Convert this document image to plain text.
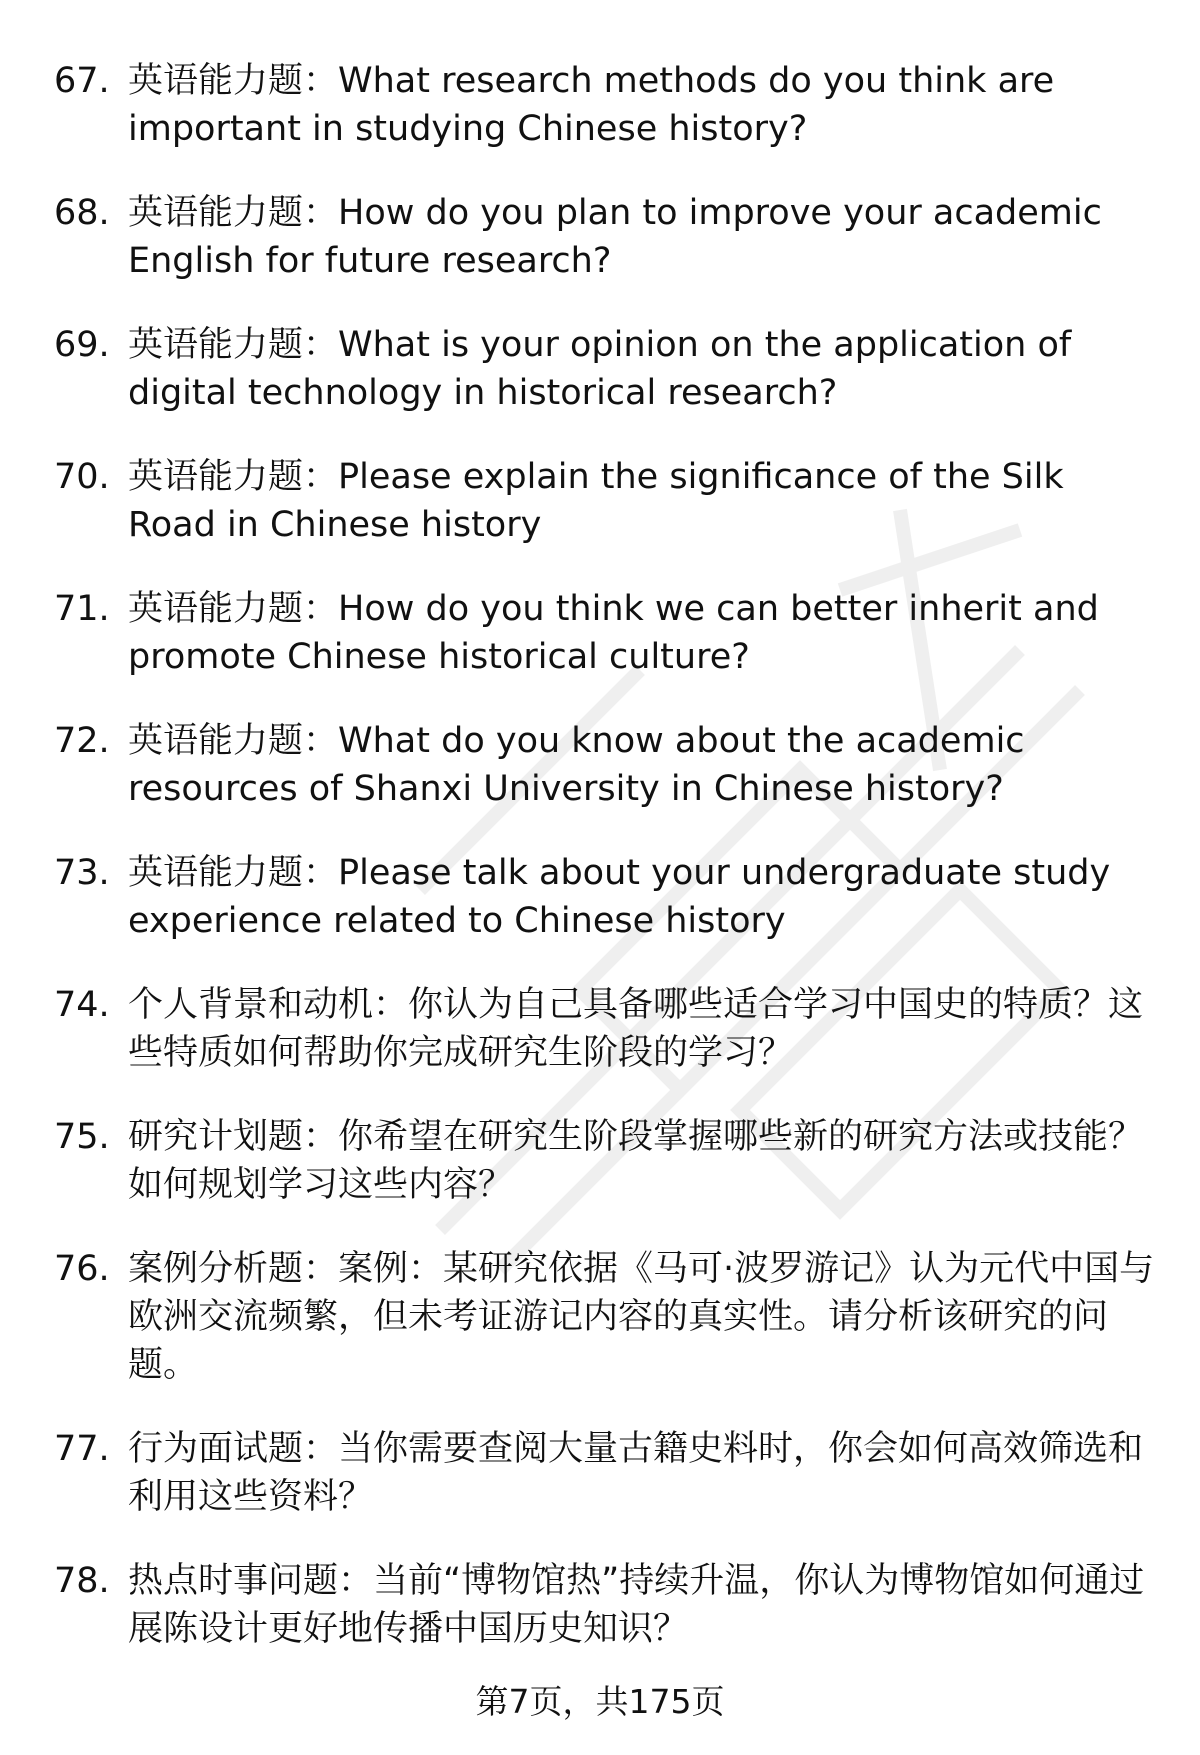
67. 英语能力题：What research methods do you think are important in studying Chinese history?
68. 英语能力题：How do you plan to improve your academic English for future research?
69. 英语能力题：What is your opinion on the application of digital technology in historical research?
70. 英语能力题：Please explain the significance of the Silk Road in Chinese history
71. 英语能力题：How do you think we can better inherit and promote Chinese historical culture?
72. 英语能力题：What do you know about the academic resources of Shanxi University in Chinese history?
73. 英语能力题：Please talk about your undergraduate study experience related to Chinese history
74. 个人背景和动机：你认为自己具备哪些适合学习中国史的特质？这些特质如何帮助你完成研究生阶段的学习？
75. 研究计划题：你希望在研究生阶段掌握哪些新的研究方法或技能？如何规划学习这些内容？
76. 案例分析题：案例：某研究依据《马可·波罗游记》认为元代中国与欧洲交流频繁，但未考证游记内容的真实性。请分析该研究的问题。
77. 行为面试题：当你需要查阅大量古籍史料时，你会如何高效筛选和利用这些资料？
78. 热点时事问题：当前“博物馆热”持续升温，你认为博物馆如何通过展陈设计更好地传播中国历史知识？
第7页，共175页
